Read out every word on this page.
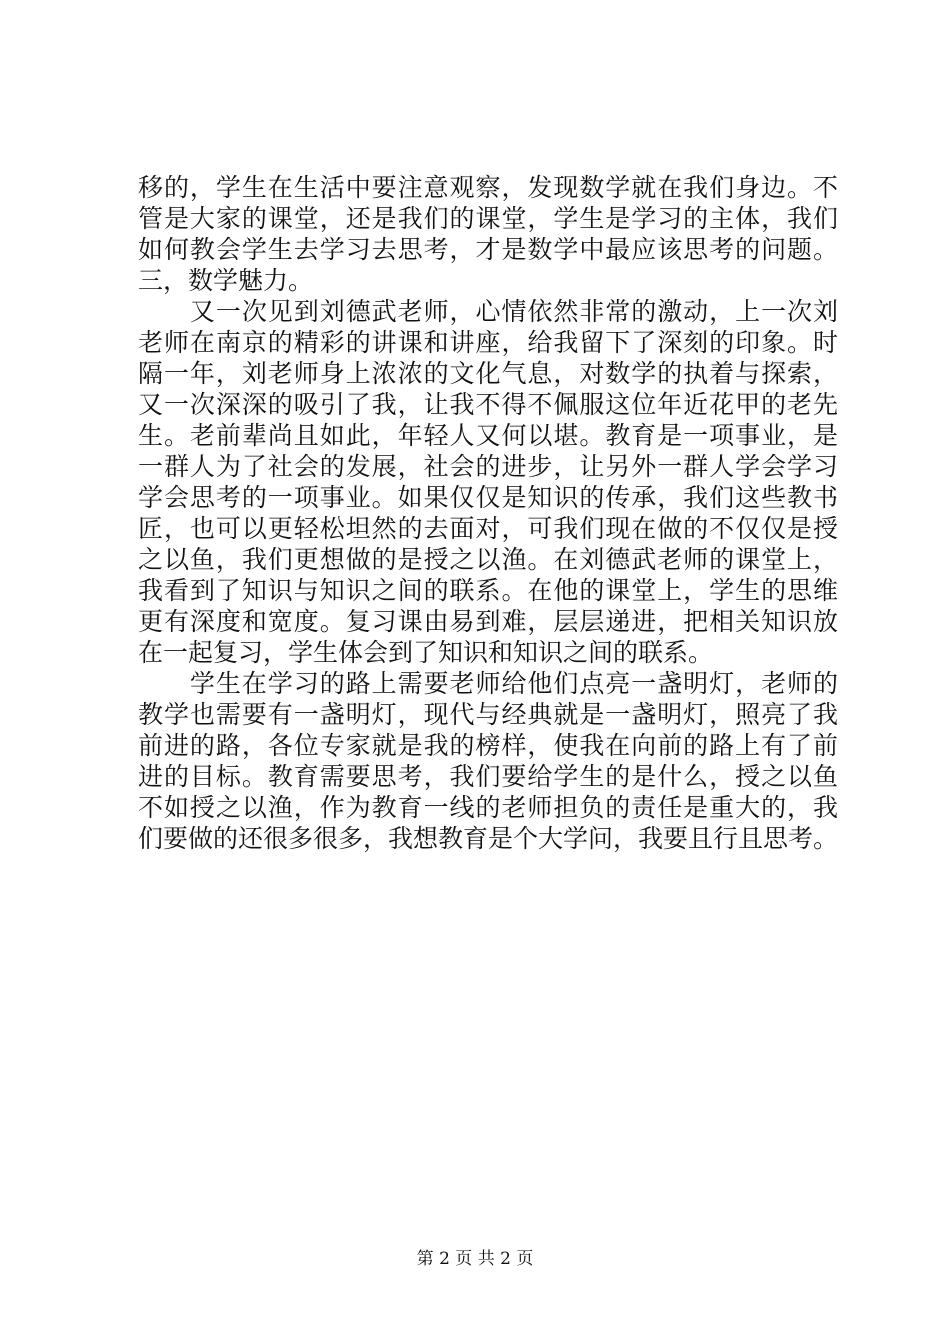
移的，学生在生活中要注意观察，发现数学就在我们身边。不
管是大家的课堂，还是我们的课堂，学生是学习的主体，我们
如何教会学生去学习去思考，才是数学中最应该思考的问题。
三，数学魅力。
　　又一次见到刘德武老师，心情依然非常的激动，上一次刘
老师在南京的精彩的讲课和讲座，给我留下了深刻的印象。时
隔一年，刘老师身上浓浓的文化气息，对数学的执着与探索，
又一次深深的吸引了我，让我不得不佩服这位年近花甲的老先
生。老前辈尚且如此，年轻人又何以堪。教育是一项事业，是
一群人为了社会的发展，社会的进步，让另外一群人学会学习
学会思考的一项事业。如果仅仅是知识的传承，我们这些教书
匠，也可以更轻松坦然的去面对，可我们现在做的不仅仅是授
之以鱼，我们更想做的是授之以渔。在刘德武老师的课堂上，
我看到了知识与知识之间的联系。在他的课堂上，学生的思维
更有深度和宽度。复习课由易到难，层层递进，把相关知识放
在一起复习，学生体会到了知识和知识之间的联系。
　　学生在学习的路上需要老师给他们点亮一盏明灯，老师的
教学也需要有一盏明灯，现代与经典就是一盏明灯，照亮了我
前进的路，各位专家就是我的榜样，使我在向前的路上有了前
进的目标。教育需要思考，我们要给学生的是什么，授之以鱼
不如授之以渔，作为教育一线的老师担负的责任是重大的，我
们要做的还很多很多，我想教育是个大学问，我要且行且思考。
第 2 页 共 2 页
